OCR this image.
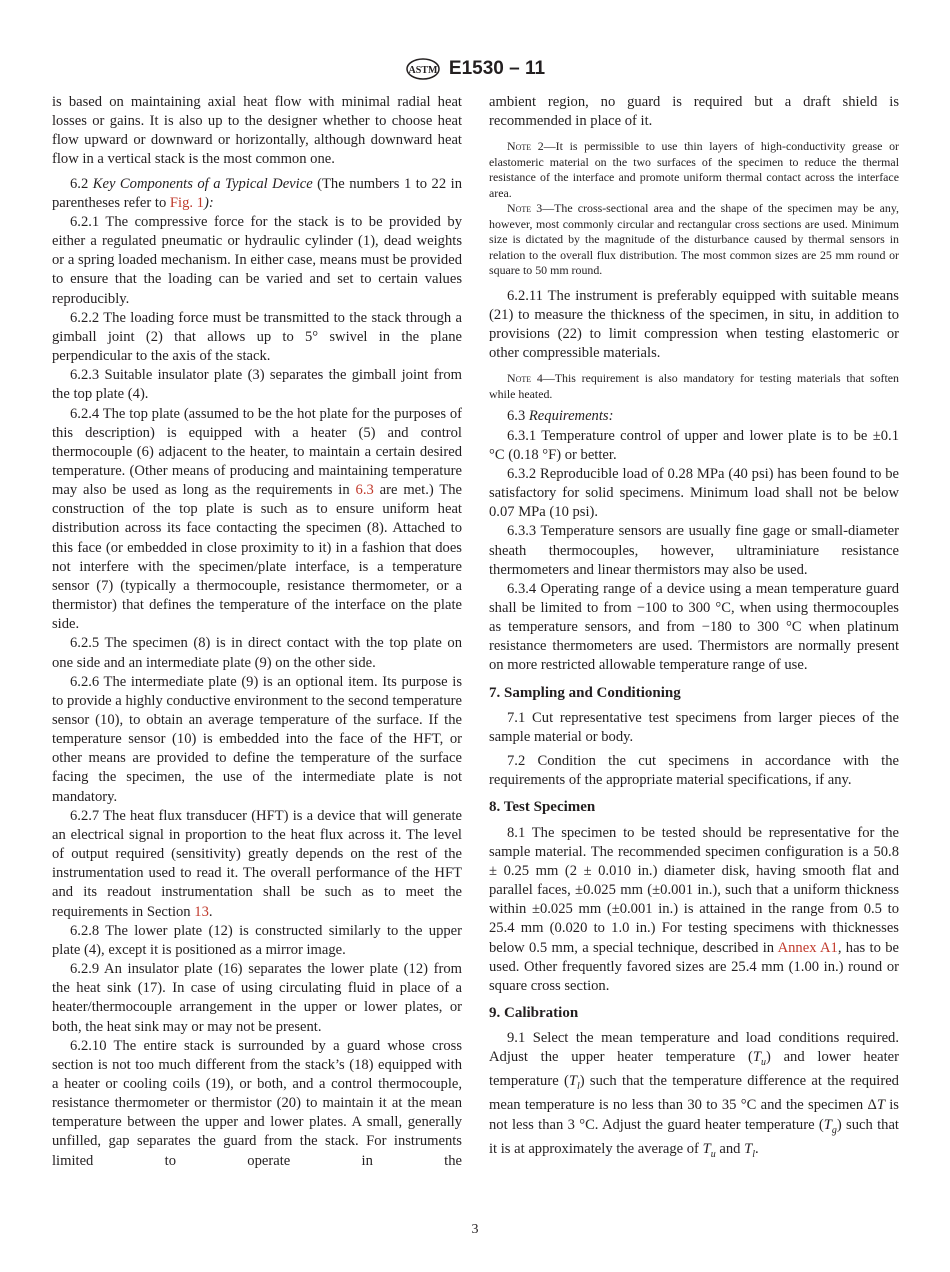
ASTM E1530 – 11

is based on maintaining axial heat flow with minimal radial heat losses or gains. It is also up to the designer whether to choose heat flow upward or downward or horizontally, although downward heat flow in a vertical stack is the most common one.

6.2 Key Components of a Typical Device (The numbers 1 to 22 in parentheses refer to Fig. 1):

6.2.1 The compressive force for the stack is to be provided by either a regulated pneumatic or hydraulic cylinder (1), dead weights or a spring loaded mechanism. In either case, means must be provided to ensure that the loading can be varied and set to certain values reproducibly.

6.2.2 The loading force must be transmitted to the stack through a gimball joint (2) that allows up to 5° swivel in the plane perpendicular to the axis of the stack.

6.2.3 Suitable insulator plate (3) separates the gimball joint from the top plate (4).

6.2.4 The top plate (assumed to be the hot plate for the purposes of this description) is equipped with a heater (5) and control thermocouple (6) adjacent to the heater, to maintain a certain desired temperature. (Other means of producing and maintaining temperature may also be used as long as the requirements in 6.3 are met.) The construction of the top plate is such as to ensure uniform heat distribution across its face contacting the specimen (8). Attached to this face (or embedded in close proximity to it) in a fashion that does not interfere with the specimen/plate interface, is a temperature sensor (7) (typically a thermocouple, resistance thermometer, or a thermistor) that defines the temperature of the interface on the plate side.

6.2.5 The specimen (8) is in direct contact with the top plate on one side and an intermediate plate (9) on the other side.

6.2.6 The intermediate plate (9) is an optional item. Its purpose is to provide a highly conductive environment to the second temperature sensor (10), to obtain an average temperature of the surface. If the temperature sensor (10) is embedded into the face of the HFT, or other means are provided to define the temperature of the surface facing the specimen, the use of the intermediate plate is not mandatory.

6.2.7 The heat flux transducer (HFT) is a device that will generate an electrical signal in proportion to the heat flux across it. The level of output required (sensitivity) greatly depends on the rest of the instrumentation used to read it. The overall performance of the HFT and its readout instrumentation shall be such as to meet the requirements in Section 13.

6.2.8 The lower plate (12) is constructed similarly to the upper plate (4), except it is positioned as a mirror image.

6.2.9 An insulator plate (16) separates the lower plate (12) from the heat sink (17). In case of using circulating fluid in place of a heater/thermocouple arrangement in the upper or lower plates, or both, the heat sink may or may not be present.

6.2.10 The entire stack is surrounded by a guard whose cross section is not too much different from the stack’s (18) equipped with a heater or cooling coils (19), or both, and a control thermocouple, resistance thermometer or thermistor (20) to maintain it at the mean temperature between the upper and lower plates. A small, generally unfilled, gap separates the guard from the stack. For instruments limited to operate in the

ambient region, no guard is required but a draft shield is recommended in place of it.

Note 2—It is permissible to use thin layers of high-conductivity grease or elastomeric material on the two surfaces of the specimen to reduce the thermal resistance of the interface and promote uniform thermal contact across the interface area.

Note 3—The cross-sectional area and the shape of the specimen may be any, however, most commonly circular and rectangular cross sections are used. Minimum size is dictated by the magnitude of the disturbance caused by thermal sensors in relation to the overall flux distribution. The most common sizes are 25 mm round or square to 50 mm round.

6.2.11 The instrument is preferably equipped with suitable means (21) to measure the thickness of the specimen, in situ, in addition to provisions (22) to limit compression when testing elastomeric or other compressible materials.

Note 4—This requirement is also mandatory for testing materials that soften while heated.

6.3 Requirements:

6.3.1 Temperature control of upper and lower plate is to be ±0.1 °C (0.18 °F) or better.

6.3.2 Reproducible load of 0.28 MPa (40 psi) has been found to be satisfactory for solid specimens. Minimum load shall not be below 0.07 MPa (10 psi).

6.3.3 Temperature sensors are usually fine gage or small-diameter sheath thermocouples, however, ultraminiature resistance thermometers and linear thermistors may also be used.

6.3.4 Operating range of a device using a mean temperature guard shall be limited to from −100 to 300 °C, when using thermocouples as temperature sensors, and from −180 to 300 °C when platinum resistance thermometers are used. Thermistors are normally present on more restricted allowable temperature range of use.

7. Sampling and Conditioning

7.1 Cut representative test specimens from larger pieces of the sample material or body.

7.2 Condition the cut specimens in accordance with the requirements of the appropriate material specifications, if any.

8. Test Specimen

8.1 The specimen to be tested should be representative for the sample material. The recommended specimen configuration is a 50.8 ± 0.25 mm (2 ± 0.010 in.) diameter disk, having smooth flat and parallel faces, ±0.025 mm (±0.001 in.), such that a uniform thickness within ±0.025 mm (±0.001 in.) is attained in the range from 0.5 to 25.4 mm (0.020 to 1.0 in.) For testing specimens with thicknesses below 0.5 mm, a special technique, described in Annex A1, has to be used. Other frequently favored sizes are 25.4 mm (1.00 in.) round or square cross section.

9. Calibration

9.1 Select the mean temperature and load conditions required. Adjust the upper heater temperature $(T_u)$ and lower heater temperature $(T_l)$ such that the temperature difference at the required mean temperature is no less than 30 to 35 °C and the specimen ΔT is not less than 3 °C. Adjust the guard heater temperature $(T_g)$ such that it is at approximately the average of $T_u$ and $T_l$.

3
